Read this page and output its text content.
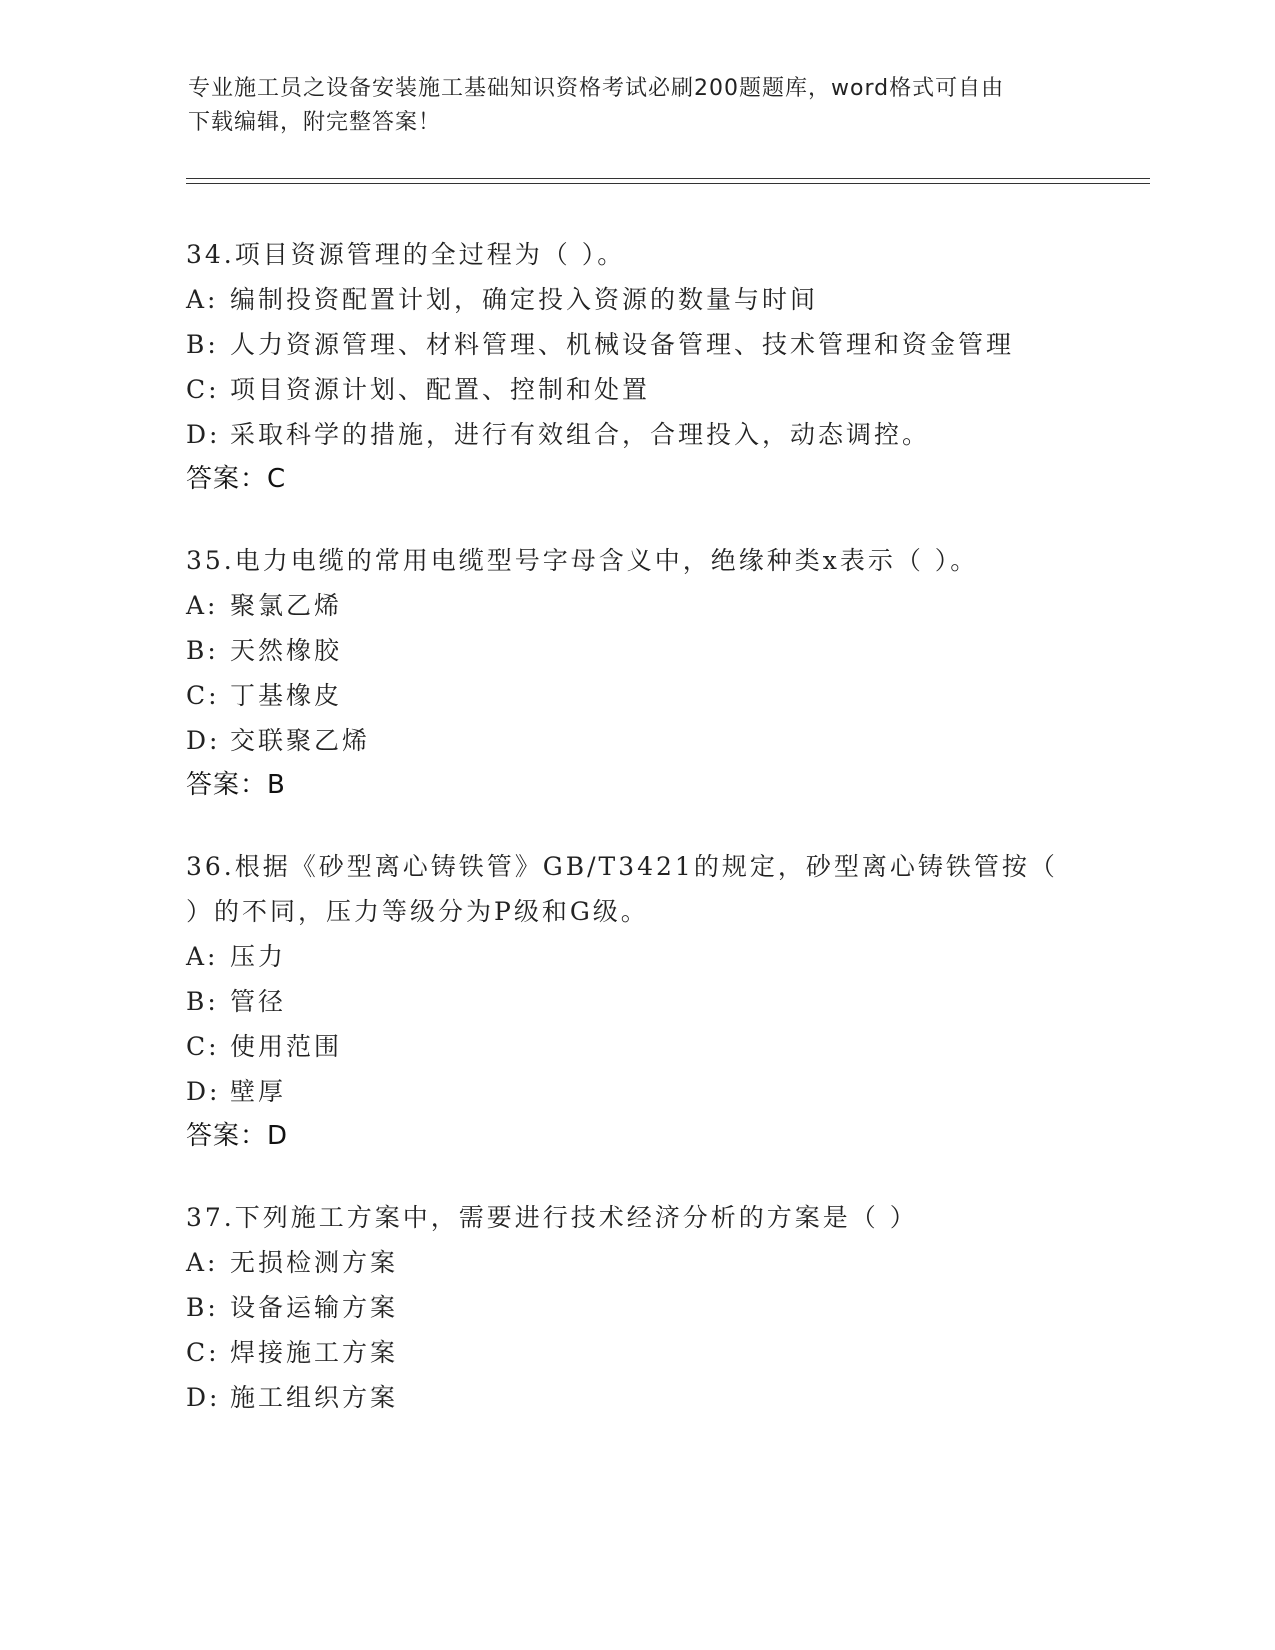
专业施工员之设备安装施工基础知识资格考试必刷200题题库，word格式可自由
下载编辑，附完整答案！
34.项目资源管理的全过程为（ ）。
A: 编制投资配置计划，确定投入资源的数量与时间
B: 人力资源管理、材料管理、机械设备管理、技术管理和资金管理
C: 项目资源计划、配置、控制和处置
D: 采取科学的措施，进行有效组合，合理投入，动态调控。
答案：C
35.电力电缆的常用电缆型号字母含义中，绝缘种类x表示（ ）。
A: 聚氯乙烯
B: 天然橡胶
C: 丁基橡皮
D: 交联聚乙烯
答案：B
36.根据《砂型离心铸铁管》GB/T3421的规定，砂型离心铸铁管按（
）的不同，压力等级分为P级和G级。
A: 压力
B: 管径
C: 使用范围
D: 壁厚
答案：D
37.下列施工方案中，需要进行技术经济分析的方案是（ ）
A: 无损检测方案
B: 设备运输方案
C: 焊接施工方案
D: 施工组织方案
